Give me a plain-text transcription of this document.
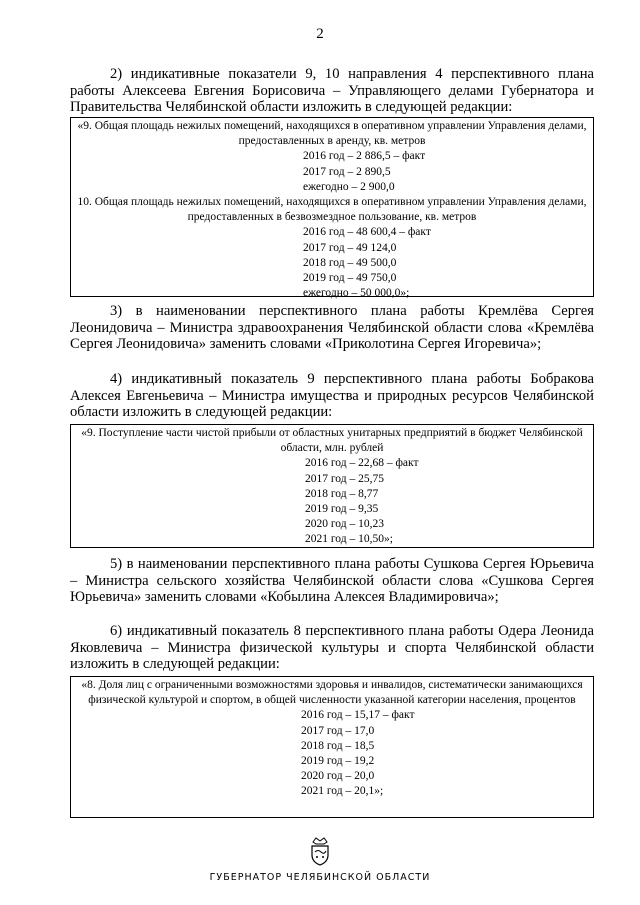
2

2) индикативные показатели 9, 10 направления 4 перспективного плана работы Алексеева Евгения Борисовича – Управляющего делами Губернатора и Правительства Челябинской области изложить в следующей редакции:

«9. Общая площадь нежилых помещений, находящихся в оперативном управлении Управления делами, предоставленных в аренду, кв. метров

2016 год – 2 886,5 – факт
2017 год – 2 890,5
ежегодно – 2 900,0

10. Общая площадь нежилых помещений, находящихся в оперативном управлении Управления делами, предоставленных в безвозмездное пользование, кв. метров

2016 год – 48 600,4 – факт
2017 год – 49 124,0
2018 год – 49 500,0
2019 год – 49 750,0
ежегодно – 50 000,0»;

3) в наименовании перспективного плана работы Кремлёва Сергея Леонидовича – Министра здравоохранения Челябинской области слова «Кремлёва Сергея Леонидовича» заменить словами «Приколотина Сергея Игоревича»;

4) индикативный показатель 9 перспективного плана работы Бобракова Алексея Евгеньевича – Министра имущества и природных ресурсов Челябинской области изложить в следующей редакции:

«9. Поступление части чистой прибыли от областных унитарных предприятий в бюджет Челябинской области, млн. рублей

2016 год – 22,68 – факт
2017 год – 25,75
2018 год – 8,77
2019 год – 9,35
2020 год – 10,23
2021 год – 10,50»;

5) в наименовании перспективного плана работы Сушкова Сергея Юрьевича – Министра сельского хозяйства Челябинской области слова «Сушкова Сергея Юрьевича» заменить словами «Кобылина Алексея Владимировича»;

6) индикативный показатель 8 перспективного плана работы Одера Леонида Яковлевича – Министра физической культуры и спорта Челябинской области изложить в следующей редакции:

«8. Доля лиц с ограниченными возможностями здоровья и инвалидов, систематически занимающихся физической культурой и спортом, в общей численности указанной категории населения, процентов

2016 год – 15,17 – факт
2017 год – 17,0
2018 год – 18,5
2019 год – 19,2
2020 год – 20,0
2021 год – 20,1»;
ГУБЕРНАТОР ЧЕЛЯБИНСКОЙ ОБЛАСТИ
